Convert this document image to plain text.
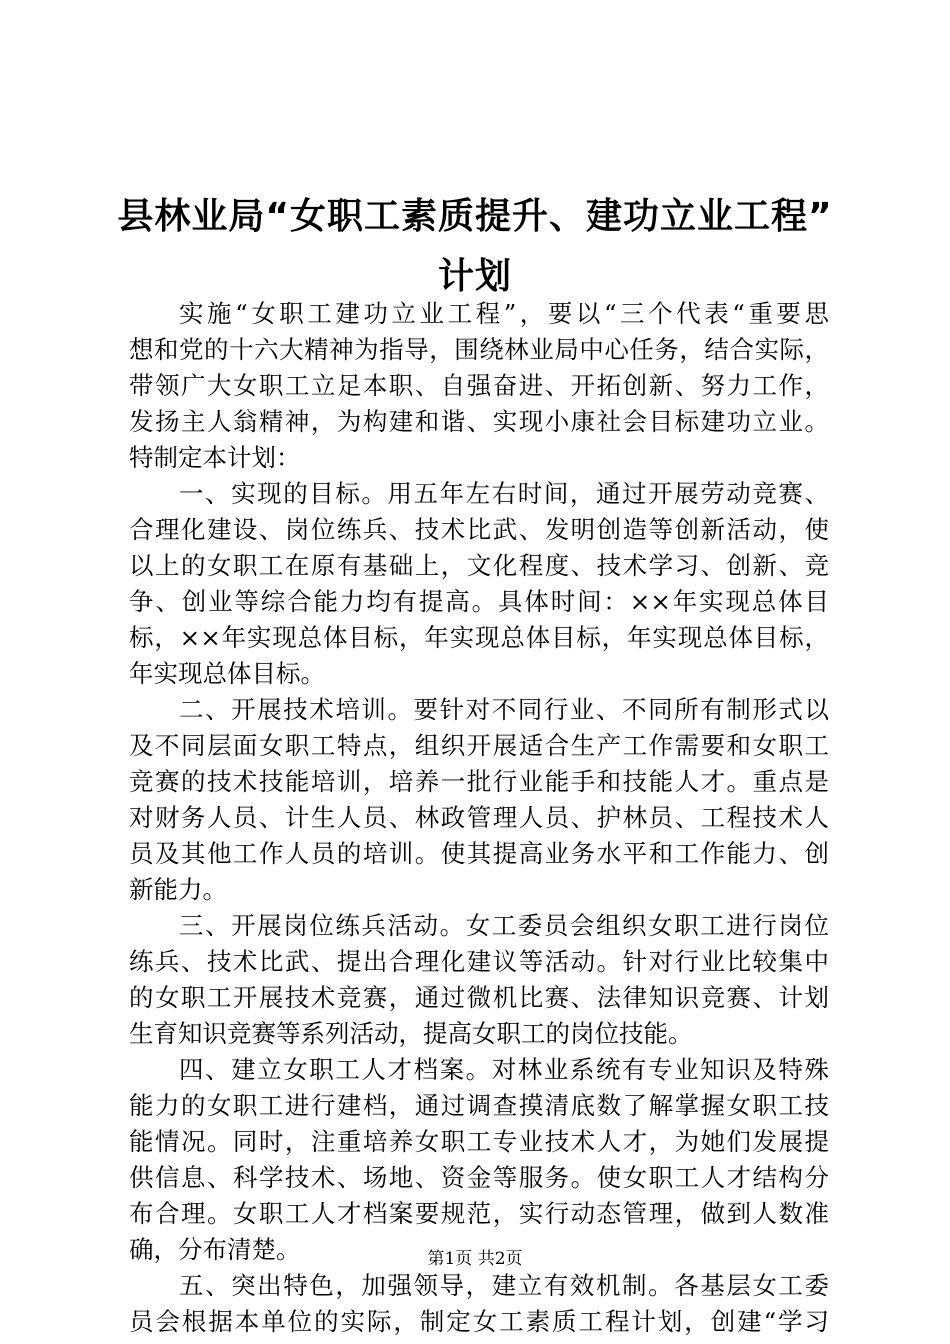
县林业局“女职工素质提升、建功立业工程”
计划
实施“女职工建功立业工程”，要以“三个代表“重要思
想和党的十六大精神为指导，围绕林业局中心任务，结合实际，
带领广大女职工立足本职、自强奋进、开拓创新、努力工作，
发扬主人翁精神，为构建和谐、实现小康社会目标建功立业。
特制定本计划：
一、实现的目标。用五年左右时间，通过开展劳动竞赛、
合理化建设、岗位练兵、技术比武、发明创造等创新活动，使
以上的女职工在原有基础上，文化程度、技术学习、创新、竞
争、创业等综合能力均有提高。具体时间：××年实现总体目
标，××年实现总体目标，年实现总体目标，年实现总体目标，
年实现总体目标。
二、开展技术培训。要针对不同行业、不同所有制形式以
及不同层面女职工特点，组织开展适合生产工作需要和女职工
竞赛的技术技能培训，培养一批行业能手和技能人才。重点是
对财务人员、计生人员、林政管理人员、护林员、工程技术人
员及其他工作人员的培训。使其提高业务水平和工作能力、创
新能力。
三、开展岗位练兵活动。女工委员会组织女职工进行岗位
练兵、技术比武、提出合理化建议等活动。针对行业比较集中
的女职工开展技术竞赛，通过微机比赛、法律知识竞赛、计划
生育知识竞赛等系列活动，提高女职工的岗位技能。
四、建立女职工人才档案。对林业系统有专业知识及特殊
能力的女职工进行建档，通过调查摸清底数了解掌握女职工技
能情况。同时，注重培养女职工专业技术人才，为她们发展提
供信息、科学技术、场地、资金等服务。使女职工人才结构分
布合理。女职工人才档案要规范，实行动态管理，做到人数准
确，分布清楚。
五、突出特色，加强领导，建立有效机制。各基层女工委
员会根据本单位的实际，制定女工素质工程计划，创建“学习
第1页 共2页
